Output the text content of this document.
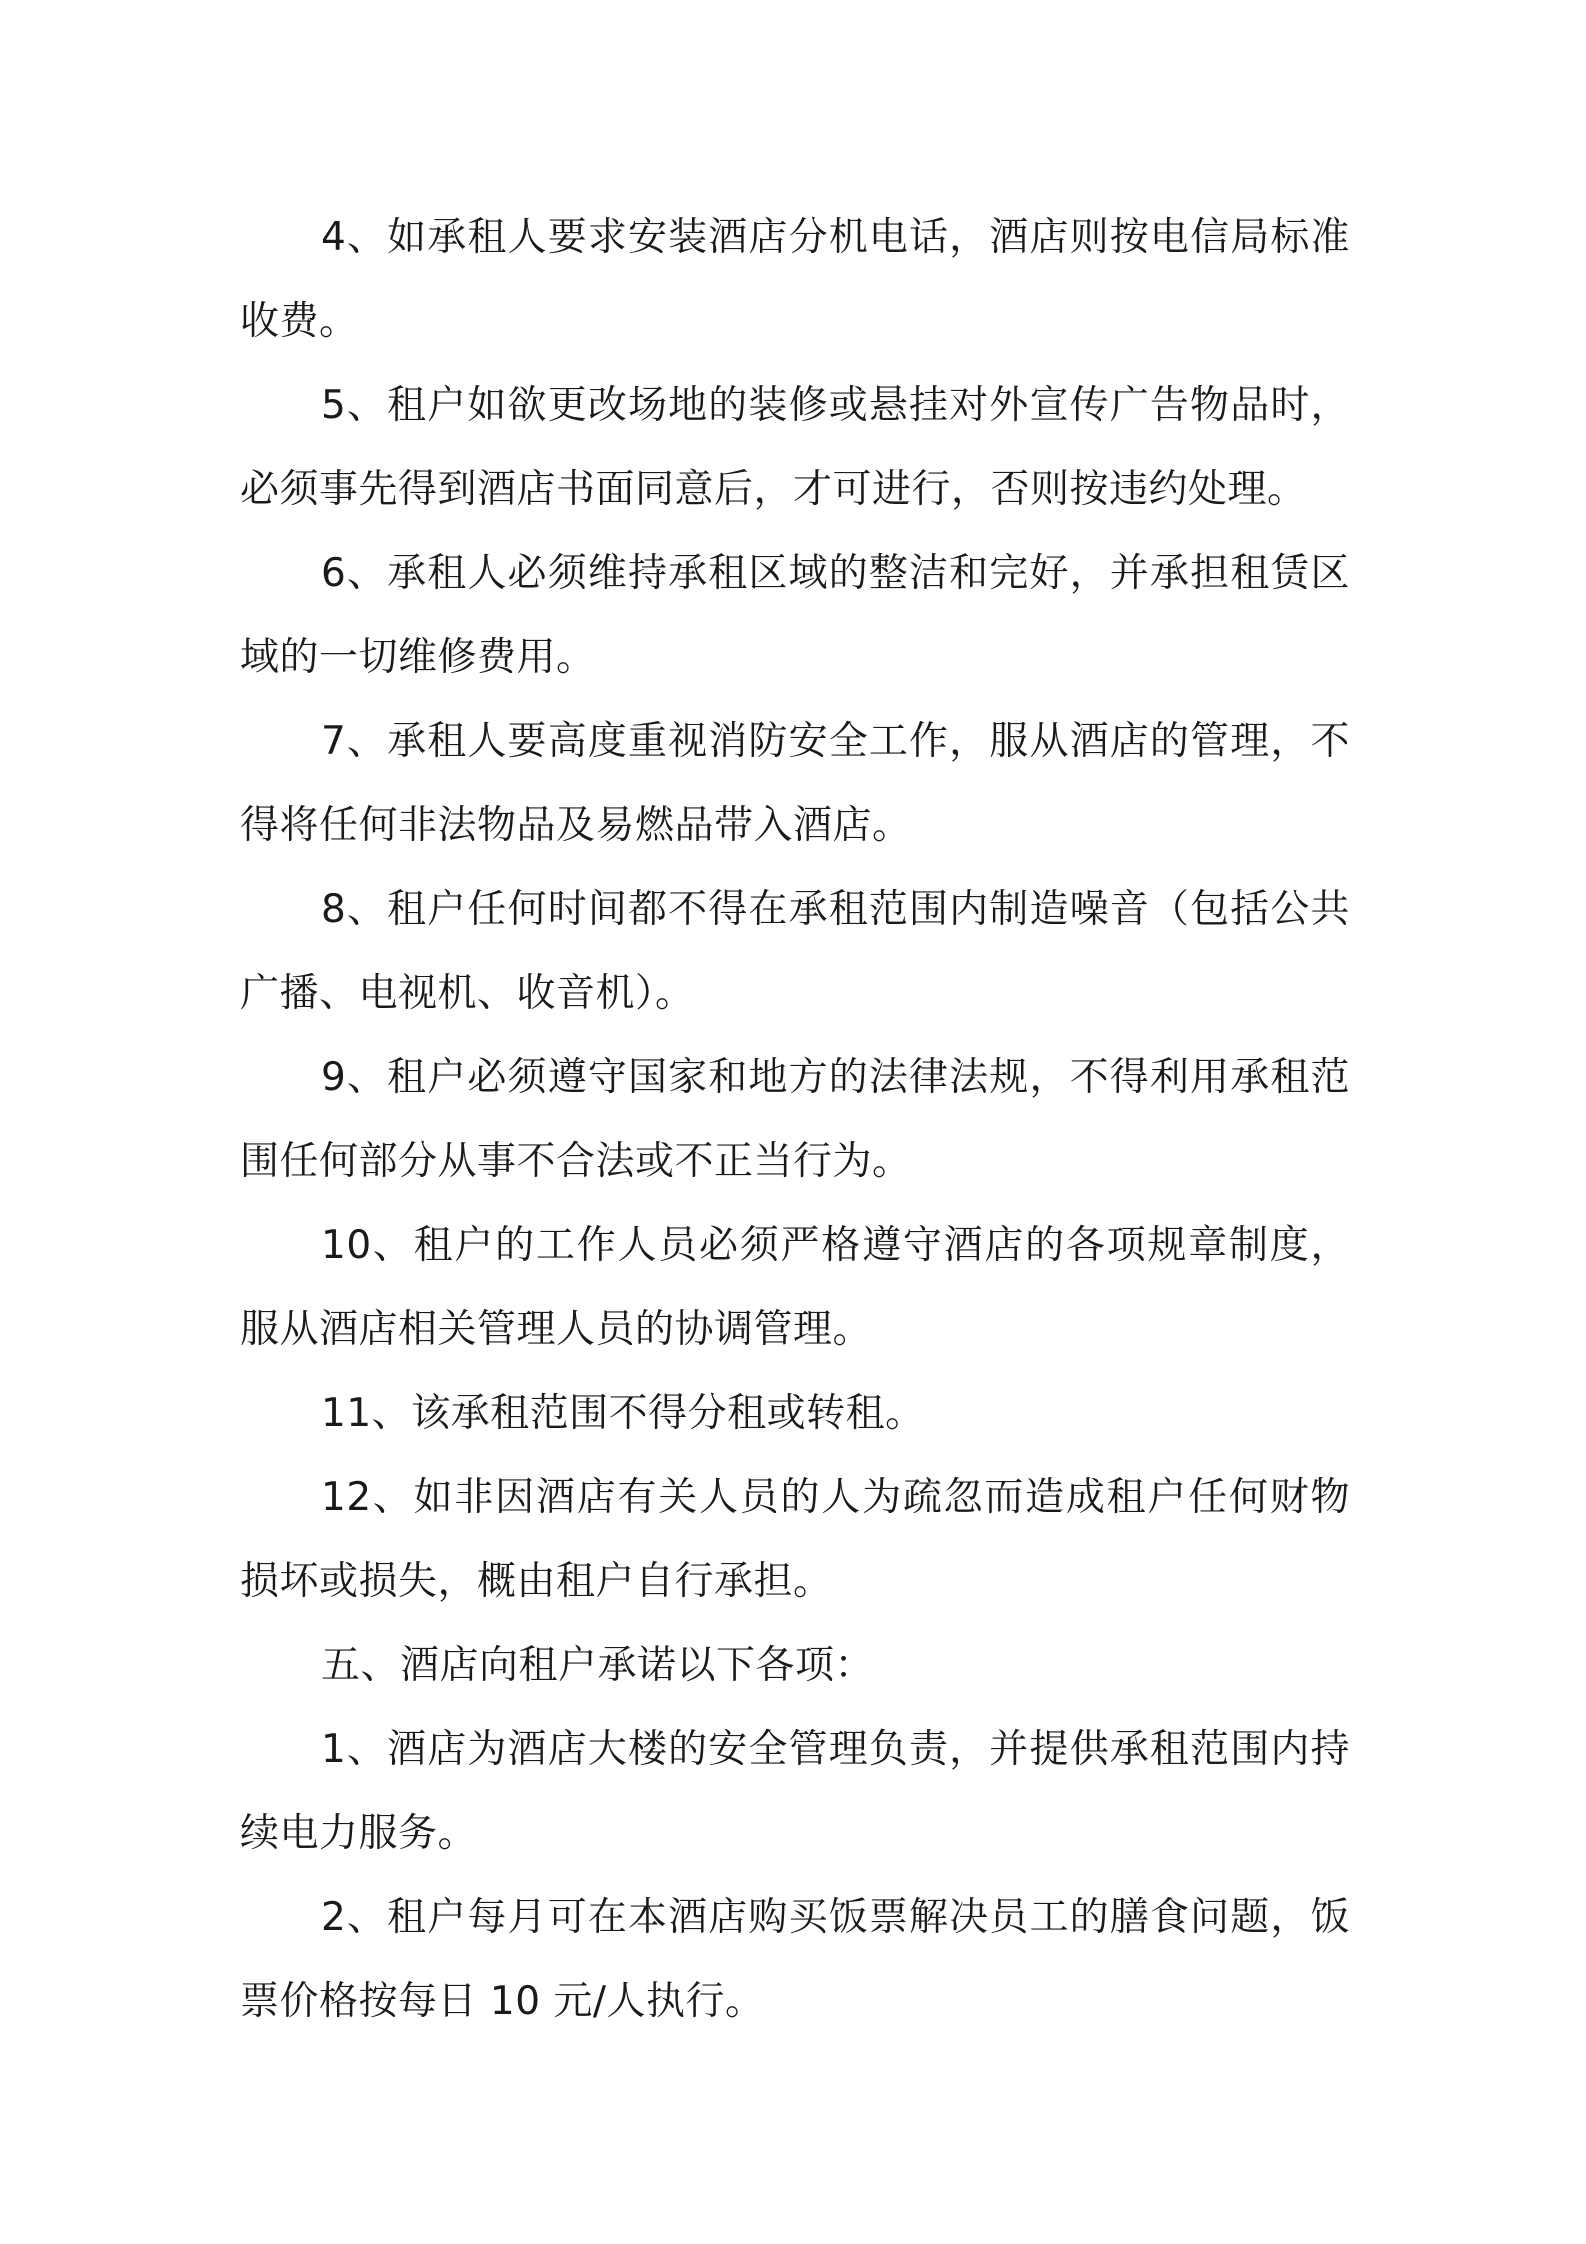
4、如承租人要求安装酒店分机电话，酒店则按电信局标准收费。

5、租户如欲更改场地的装修或悬挂对外宣传广告物品时，必须事先得到酒店书面同意后，才可进行，否则按违约处理。

6、承租人必须维持承租区域的整洁和完好，并承担租赁区域的一切维修费用。

7、承租人要高度重视消防安全工作，服从酒店的管理，不得将任何非法物品及易燃品带入酒店。

8、租户任何时间都不得在承租范围内制造噪音（包括公共广播、电视机、收音机）。

9、租户必须遵守国家和地方的法律法规，不得利用承租范围任何部分从事不合法或不正当行为。

10、租户的工作人员必须严格遵守酒店的各项规章制度，服从酒店相关管理人员的协调管理。

11、该承租范围不得分租或转租。

12、如非因酒店有关人员的人为疏忽而造成租户任何财物损坏或损失，概由租户自行承担。

五、酒店向租户承诺以下各项：

1、酒店为酒店大楼的安全管理负责，并提供承租范围内持续电力服务。

2、租户每月可在本酒店购买饭票解决员工的膳食问题，饭票价格按每日 10 元/人执行。
